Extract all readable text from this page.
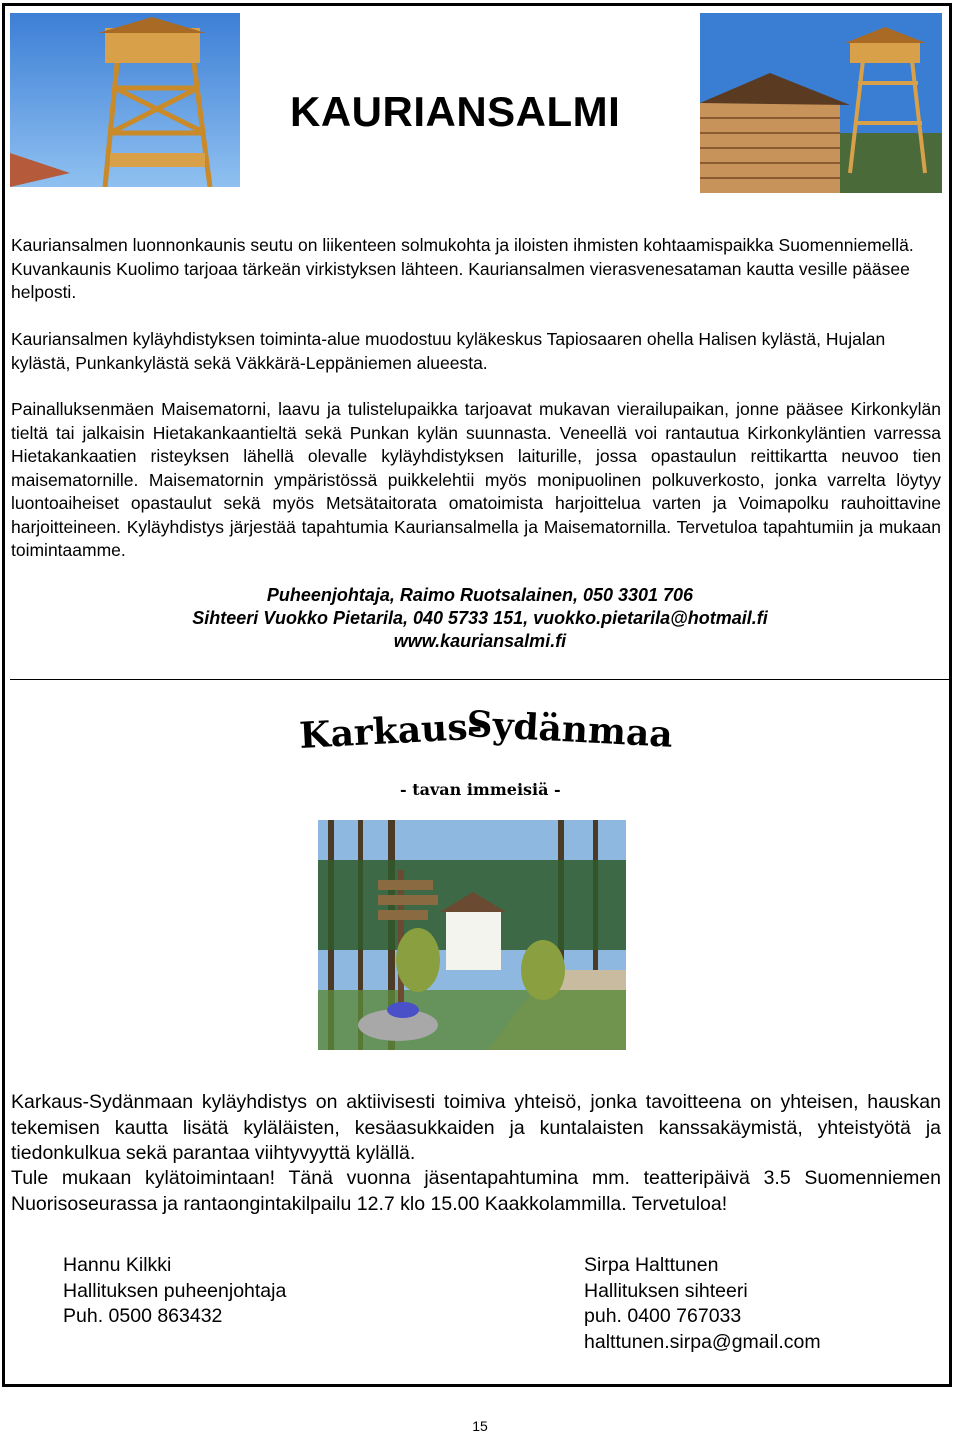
KAURIANSALMI
Kauriansalmen luonnonkaunis seutu on liikenteen solmukohta ja iloisten ihmisten kohtaamispaikka Suomenniemellä. Kuvankaunis Kuolimo tarjoaa tärkeän virkistyksen lähteen. Kauriansalmen vierasvenesataman kautta vesille pääsee helposti.
Kauriansalmen kyläyhdistyksen toiminta-alue muodostuu kyläkeskus Tapiosaaren ohella Halisen kylästä, Hujalan kylästä, Punkankylästä sekä Väkkärä-Leppäniemen alueesta.
Painalluksenmäen Maisematorni, laavu ja tulistelupaikka tarjoavat mukavan vierailupaikan, jonne pääsee Kirkonkylän tieltä tai jalkaisin Hietakankaantieltä sekä Punkan kylän suunnasta. Veneellä voi rantautua Kirkonkyläntien varressa Hietakankaatien risteyksen lähellä olevalle kyläyhdistyksen laiturille, jossa opastaulun reittikartta neuvoo tien maisematornille. Maisematornin ympäristössä puikkelehtii myös monipuolinen polkuverkosto, jonka varrelta löytyy luontoaiheiset opastaulut sekä myös Metsätaitorata omatoimista harjoittelua varten ja Voimapolku rauhoittavine harjoitteineen. Kyläyhdistys järjestää tapahtumia Kauriansalmella ja Maisematornilla. Tervetuloa tapahtumiin ja mukaan toimintaamme.
Puheenjohtaja, Raimo Ruotsalainen, 050 3301 706
Sihteeri Vuokko Pietarila, 040 5733 151, vuokko.pietarila@hotmail.fi
www.kauriansalmi.fi
Karkaus-
Sydänmaa
- tavan immeisiä -
Karkaus-Sydänmaan kyläyhdistys on aktiivisesti toimiva yhteisö, jonka tavoitteena on yhteisen, hauskan tekemisen kautta lisätä kyläläisten, kesäasukkaiden ja kuntalaisten kanssakäymistä, yhteistyötä ja tiedonkulkua sekä parantaa viihtyvyyttä kylällä.
Tule mukaan kylätoimintaan! Tänä vuonna jäsentapahtumina mm. teatteripäivä 3.5 Suomenniemen Nuorisoseurassa ja rantaongintakilpailu 12.7 klo 15.00 Kaakkolammilla. Tervetuloa!
Hannu Kilkki
Hallituksen puheenjohtaja
Puh. 0500 863432
Sirpa Halttunen
Hallituksen sihteeri
puh. 0400 767033
halttunen.sirpa@gmail.com
15
